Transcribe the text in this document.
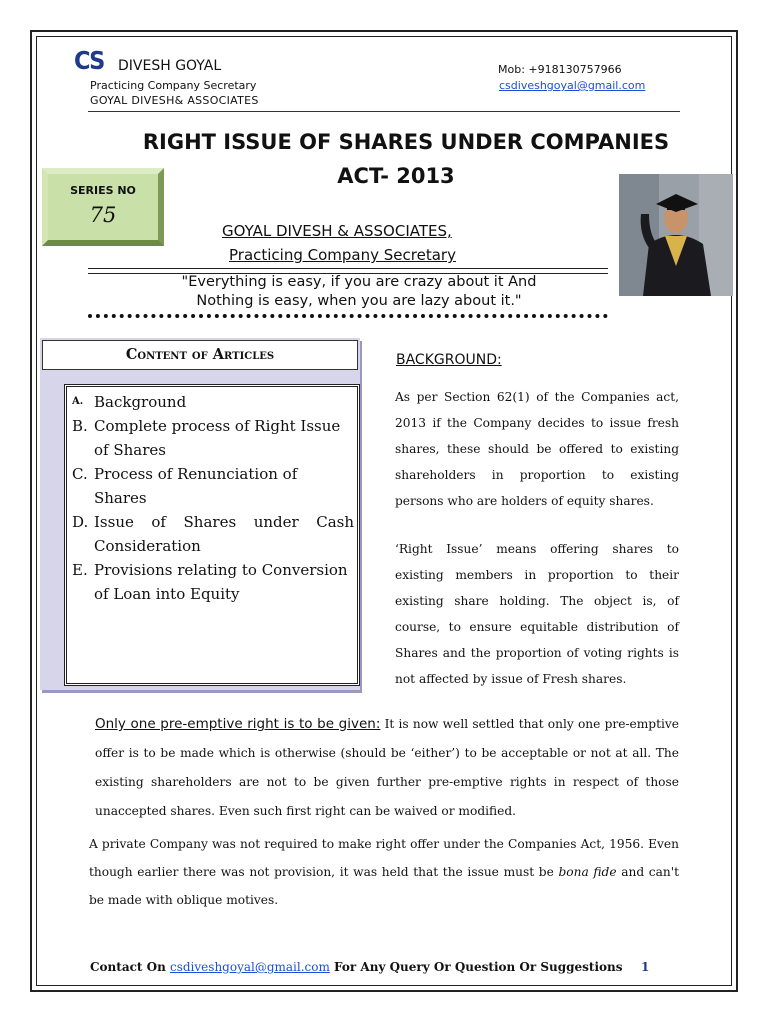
CS DIVESH GOYAL
Practicing Company Secretary
GOYAL DIVESH& ASSOCIATES
Mob: +918130757966
csdiveshgoyal@gmail.com
RIGHT ISSUE OF SHARES UNDER COMPANIES
ACT- 2013
SERIES NO
75
GOYAL DIVESH & ASSOCIATES,
Practicing Company Secretary
"Everything is easy, if you are crazy about it And
Nothing is easy, when you are lazy about it."
Content of Articles
A. Background
B. Complete process of Right Issue of Shares
C. Process of Renunciation of Shares
D. Issue of Shares under Cash Consideration
E. Provisions relating to Conversion of Loan into Equity
BACKGROUND:

As per Section 62(1) of the Companies act, 2013 if the Company decides to issue fresh shares, these should be offered to existing shareholders in proportion to existing persons who are holders of equity shares.

‘Right Issue’ means offering shares to existing members in proportion to their existing share holding. The object is, of course, to ensure equitable distribution of Shares and the proportion of voting rights is not affected by issue of Fresh shares.

Only one pre-emptive right is to be given: It is now well settled that only one pre-emptive offer is to be made which is otherwise (should be ‘either’) to be acceptable or not at all. The existing shareholders are not to be given further pre-emptive rights in respect of those unaccepted shares. Even such first right can be waived or modified.

A private Company was not required to make right offer under the Companies Act, 1956. Even though earlier there was not provision, it was held that the issue must be bona fide and can't be made with oblique motives.

Contact On csdiveshgoyal@gmail.com For Any Query Or Question Or Suggestions 1
